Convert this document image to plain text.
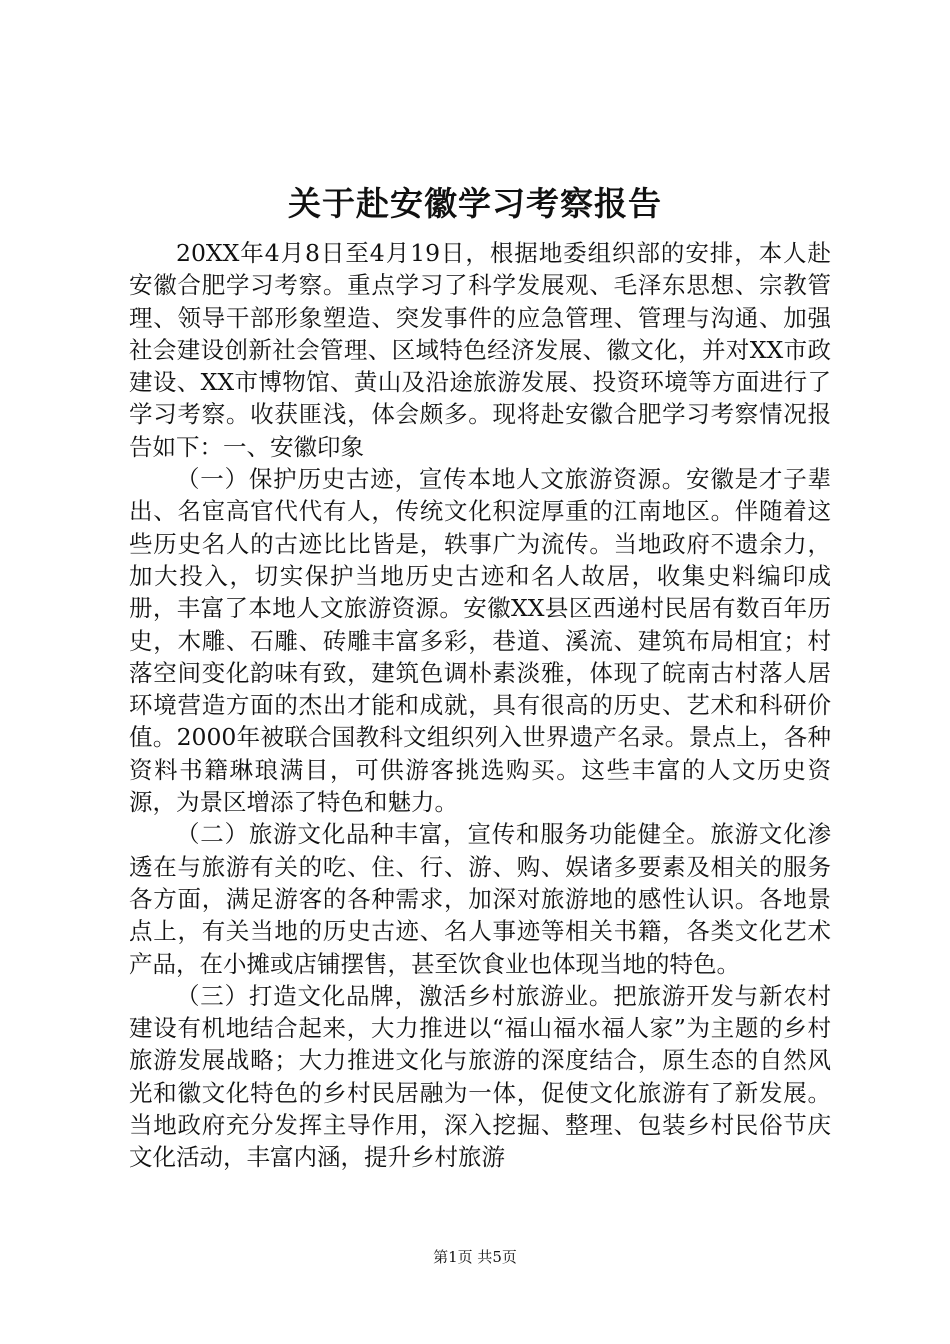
关于赴安徽学习考察报告

20XX年4月8日至4月19日，根据地委组织部的安排，本人赴安徽合肥学习考察。重点学习了科学发展观、毛泽东思想、宗教管理、领导干部形象塑造、突发事件的应急管理、管理与沟通、加强社会建设创新社会管理、区域特色经济发展、徽文化，并对XX市政建设、XX市博物馆、黄山及沿途旅游发展、投资环境等方面进行了学习考察。收获匪浅，体会颇多。现将赴安徽合肥学习考察情况报告如下：一、安徽印象

（一）保护历史古迹，宣传本地人文旅游资源。安徽是才子辈出、名宦高官代代有人，传统文化积淀厚重的江南地区。伴随着这些历史名人的古迹比比皆是，轶事广为流传。当地政府不遗余力，加大投入，切实保护当地历史古迹和名人故居，收集史料编印成册，丰富了本地人文旅游资源。安徽XX县区西递村民居有数百年历史，木雕、石雕、砖雕丰富多彩，巷道、溪流、建筑布局相宜；村落空间变化韵味有致，建筑色调朴素淡雅，体现了皖南古村落人居环境营造方面的杰出才能和成就，具有很高的历史、艺术和科研价值。2000年被联合国教科文组织列入世界遗产名录。景点上，各种资料书籍琳琅满目，可供游客挑选购买。这些丰富的人文历史资源，为景区增添了特色和魅力。

（二）旅游文化品种丰富，宣传和服务功能健全。旅游文化渗透在与旅游有关的吃、住、行、游、购、娱诸多要素及相关的服务各方面，满足游客的各种需求，加深对旅游地的感性认识。各地景点上，有关当地的历史古迹、名人事迹等相关书籍，各类文化艺术产品，在小摊或店铺摆售，甚至饮食业也体现当地的特色。

（三）打造文化品牌，激活乡村旅游业。把旅游开发与新农村建设有机地结合起来，大力推进以“福山福水福人家”为主题的乡村旅游发展战略；大力推进文化与旅游的深度结合，原生态的自然风光和徽文化特色的乡村民居融为一体，促使文化旅游有了新发展。当地政府充分发挥主导作用，深入挖掘、整理、包装乡村民俗节庆文化活动，丰富内涵，提升乡村旅游

第1页 共5页
